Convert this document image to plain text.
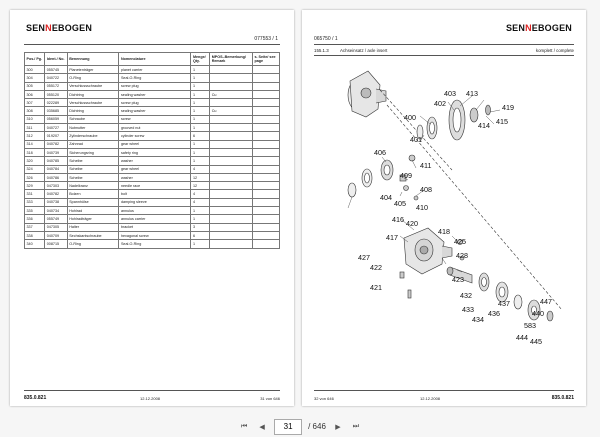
SENNEBOGEN
077553 / 1
Pos./ Pg.	Ident./ No.	Benennung	Nomenclature	Menge/ Qty.	MPOS–Bemerkung/ Remark	s. Seite/ see page
300	055745	Planetenträger	planet carrier	1		
304	040722	O-Ring	Seal-O-Ring	1		
305	055172	Verschlussschraube	screw plug	1		
306	055120	Dichtring	sealing washer	1	Cu	
307	022289	Verschlussschraube	screw plug	1		
308	035685	Dichtring	sealing washer	1	Cu	
310	056059	Schraube	screw	1		
311	040727	Nutmutter	grooved nut	1		
312	019207	Zylinderschraube	cylinder screw	6		
314	040782	Zahnrad	gear wheel	1		
318	040739	Sicherungsring	safety ring	1		
320	040785	Scheibe	washer	1		
324	040784	Scheibe	gear wheel	4		
326	040786	Scheibe	washer	12		
329	047303	Nadelkranz	needle race	12		
331	040782	Bolzen	bolt	4		
333	040738	Spannhülse	damping sleeve	4		
335	040734	Hohlrad	annulus	1		
336	055749	Hohlradträger	annulus carrier	1		
337	047305	Halter	bracket	3		
338	040709	Sechskantschraube	hexagonal screw	6		
340	008715	O-Ring	Seal-O-Ring	1		
835.0.821	12.12.2008	31 von 646
065750 / 1
SENNEBOGEN
155.1.3	Achseinsatz / axle insert	komplett / complete
402
403 413
419
415
414
400
401
406
409
408
404
405
411
410
416 420
417
418
425
428
427
422
421
423
432
433
434
436
437	447
440
583
444 445
32 von 646	12.12.2008	835.0.821
⏮	◀
31	/ 646	▶	⏭
